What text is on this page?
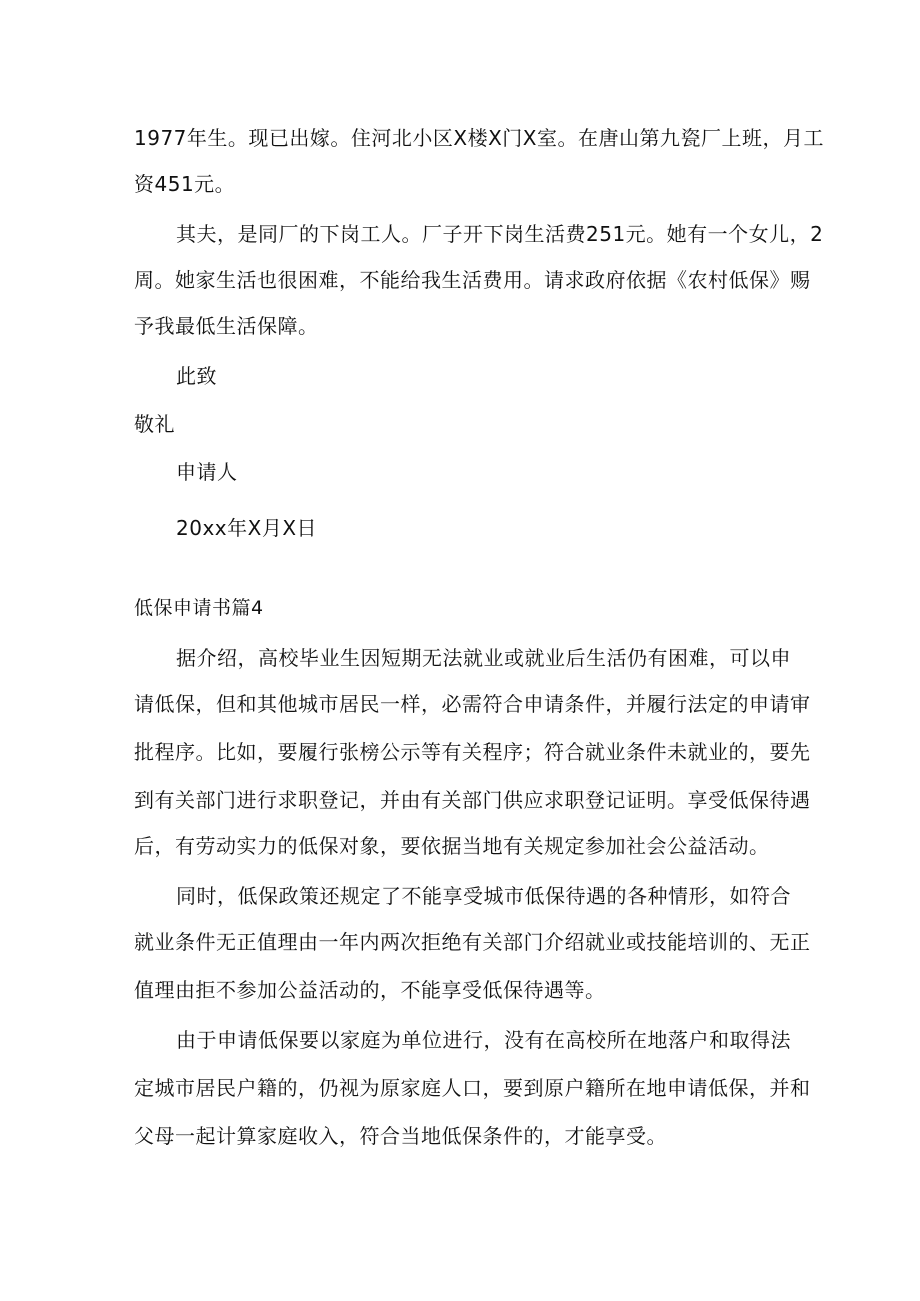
1977年生。现已出嫁。住河北小区X楼X门X室。在唐山第九瓷厂上班，月工
资451元。
其夫，是同厂的下岗工人。厂子开下岗生活费251元。她有一个女儿，2
周。她家生活也很困难，不能给我生活费用。请求政府依据《农村低保》赐
予我最低生活保障。
此致
敬礼
申请人
20xx年X月X日
低保申请书篇4
据介绍，高校毕业生因短期无法就业或就业后生活仍有困难，可以申
请低保，但和其他城市居民一样，必需符合申请条件，并履行法定的申请审
批程序。比如，要履行张榜公示等有关程序；符合就业条件未就业的，要先
到有关部门进行求职登记，并由有关部门供应求职登记证明。享受低保待遇
后，有劳动实力的低保对象，要依据当地有关规定参加社会公益活动。
同时，低保政策还规定了不能享受城市低保待遇的各种情形，如符合
就业条件无正值理由一年内两次拒绝有关部门介绍就业或技能培训的、无正
值理由拒不参加公益活动的，不能享受低保待遇等。
由于申请低保要以家庭为单位进行，没有在高校所在地落户和取得法
定城市居民户籍的，仍视为原家庭人口，要到原户籍所在地申请低保，并和
父母一起计算家庭收入，符合当地低保条件的，才能享受。
